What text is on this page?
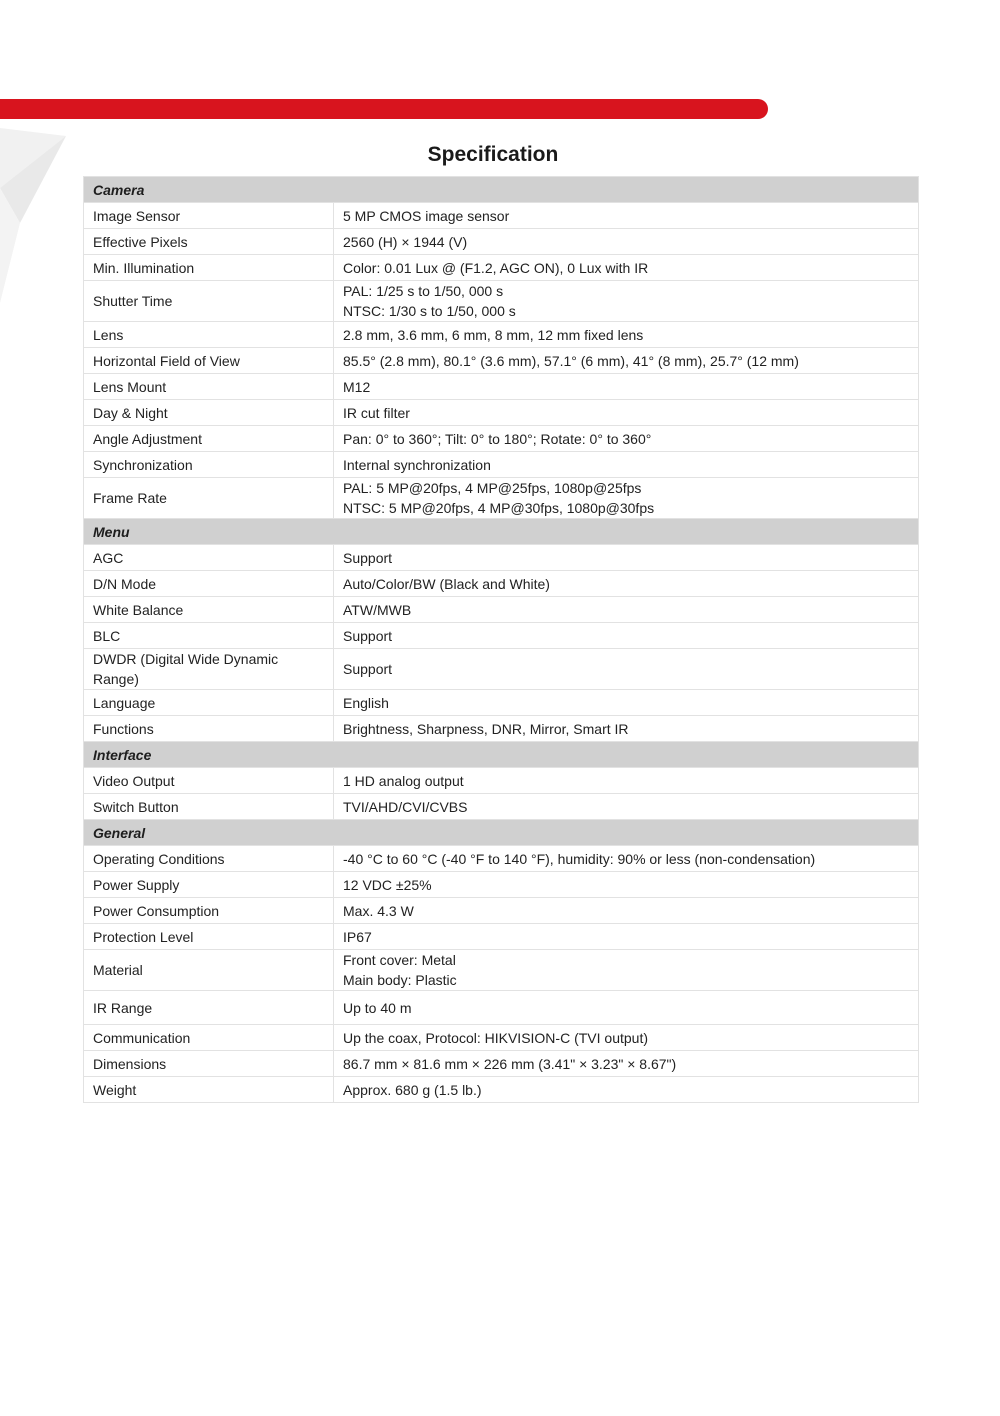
Specification
Camera	
Image Sensor	5 MP CMOS image sensor

Effective Pixels	2560 (H) × 1944 (V)

Min. Illumination	Color: 0.01 Lux @ (F1.2, AGC ON), 0 Lux with IR

Shutter Time	PAL: 1/25 s to 1/50, 000 s
NTSC: 1/30 s to 1/50, 000 s

Lens	2.8 mm, 3.6 mm, 6 mm, 8 mm, 12 mm fixed lens

Horizontal Field of View	85.5° (2.8 mm), 80.1° (3.6 mm), 57.1° (6 mm), 41° (8 mm), 25.7° (12 mm)

Lens Mount	M12

Day & Night	IR cut filter

Angle Adjustment	Pan: 0° to 360°; Tilt: 0° to 180°; Rotate: 0° to 360°

Synchronization	Internal synchronization

Frame Rate	PAL: 5 MP@20fps, 4 MP@25fps, 1080p@25fps
NTSC: 5 MP@20fps, 4 MP@30fps, 1080p@30fps

Menu	
AGC	Support

D/N Mode	Auto/Color/BW (Black and White)

White Balance	ATW/MWB

BLC	Support

DWDR (Digital Wide Dynamic Range)	Support

Language	English

Functions	Brightness, Sharpness, DNR, Mirror, Smart IR

Interface	
Video Output	1 HD analog output

Switch Button	TVI/AHD/CVI/CVBS

General	
Operating Conditions	-40 °C to 60 °C (-40 °F to 140 °F), humidity: 90% or less (non-condensation)

Power Supply	12 VDC ±25%

Power Consumption	Max. 4.3 W

Protection Level	IP67

Material	Front cover: Metal
Main body: Plastic

IR Range	Up to 40 m

Communication	Up the coax, Protocol: HIKVISION-C (TVI output)

Dimensions	86.7 mm × 81.6 mm × 226 mm (3.41" × 3.23" × 8.67")

Weight	Approx. 680 g (1.5 lb.)
